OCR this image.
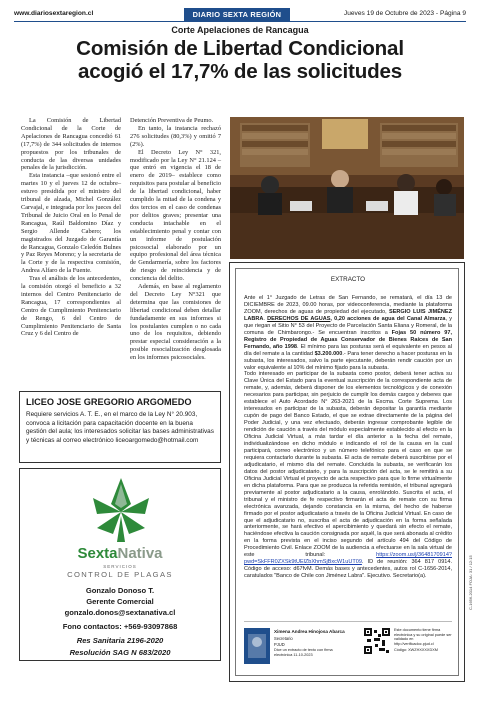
www.diariosextaregion.cl	DIARIO SEXTA REGIÓN	Jueves 19 de Octubre de 2023 - Página 9
Corte Apelaciones de Rancagua
Comisión de Libertad Condicional
acogió el 17,7% de las solicitudes

La Comisión de Libertad Condicional de la Corte de Apelaciones de Rancagua concedió 61 (17,7%) de 344 solicitudes de internos propuestos por los tribunales de conducta de las diversas unidades penales de la jurisdicción.

Esta instancia –que sesionó entre el martes 10 y el jueves 12 de octubre– estuvo presidida por el ministro del tribunal de alzada, Michel González Carvajal, e integrada por los jueces del Tribunal de Juicio Oral en lo Penal de Rancagua, Raúl Baldomino Díaz y Sergio Allende Cabero; los magistrados del Juzgado de Garantía de Rancagua, Gonzalo Celedón Bulnes y Paz Reyes Moreno; y la secretaria de la Corte y de la respectiva comisión, Andrea Alfaro de la Fuente.

Tras el análisis de los antecedentes, la comisión otorgó el beneficio a 32 internos del Centro Penitenciario de Rancagua, 17 correspondientes al Centro de Cumplimiento Penitenciario de Rengo, 6 del Centro de Cumplimiento Penitenciario de Santa Cruz y 6 del Centro de

Detención Preventiva de Peumo.

En tanto, la instancia rechazó 276 solicitudes (80,3%) y omitió 7 (2%).

El Decreto Ley N° 321, modificado por la Ley N° 21.124 –que entró en vigencia el 18 de enero de 2019– establece como requisitos para postular al beneficio de la libertad condicional, haber cumplido la mitad de la condena y dos tercios en el caso de condenas por delitos graves; presentar una conducta intachable en el establecimiento penal y contar con un informe de postulación psicosocial elaborado por un equipo profesional del área técnica de Gendarmería, sobre los factores de riesgo de reincidencia y de conciencia del delito.

Además, en base al reglamento del Decreto Ley N°321 que determina que las comisiones de libertad condicional deben detallar fundadamente en sus informes si los postulantes cumplen o no cada uno de los requisitos, debiendo prestar especial consideración a la posible resocialización desglosada en los informes psicosociales.

LICEO JOSE GREGORIO ARGOMEDO
Requiere servicios A. T. E., en el marco de la Ley N° 20.903, convoca a licitación para capacitación docente en la buena gestión del aula; los interesados solicitar las bases administrativas y técnicas al correo electrónico liceoargomedo@hotmail.com
SextaNativa
SERVICIOS
CONTROL DE PLAGAS
Gonzalo Donoso T.
Gerente Comercial
gonzalo.donos@sextanativa.cl
Fono contactos: +569-93097868
Res Sanitaria 2196-2020
Resolución SAG N 683/2020
EXTRACTO
Ante el 1° Juzgado de Letras de San Fernando, se rematará, el día 13 de DICIEMBRE de 2023, 09.00 horas, por videoconferencia, mediante la plataforma ZOOM, derechos de aguas de propiedad del ejecutado, SERGIO LUIS JIMÉNEZ LABRA. DERECHOS DE AGUAS, 0,20 acciones de agua del Canal Almarza, y que riegan el Sitio N° 53 del Proyecto de Parcelación Santa Eliana y Romeral, de la comuna de Chimbarongo.- Se encuentran inscritos a Fojas 50 número 97, Registro de Propiedad de Aguas Conservador de Bienes Raíces de San Fernando, año 1998. El mínimo para las posturas será el equivalente en pesos al día del remate a la cantidad $3.200.000.- Para tener derecho a hacer posturas en la subasta, los interesados, salvo la parte ejecutante, deberán rendir caución por un valor equivalente al 10% del mínimo fijado para la subasta.
Todo interesado en participar de la subasta como postor, deberá tener activa su Clave Única del Estado para la eventual suscripción de la correspondiente acta de remate, y, además, deberá disponer de los elementos tecnológicos y de conexión necesarios para participar, sin perjuicio de cumplir los demás cargos y deberes que establece el Auto Acordado N° 263-2021 de la Excma. Corte Suprema. Los interesados en participar de la subasta, deberán depositar la garantía mediante cupón de pago del Banco Estado, el que se extrae directamente de la página del Poder Judicial, y una vez efectuado, deberán ingresar comprobante legible de rendición de caución a través del módulo especialmente establecido al efecto en la Oficina Judicial Virtual, a más tardar el día anterior a la fecha del remate, individualizándose en dicho módulo e indicando el rol de la causa en la cual participará, correo electrónico y un número telefónico para el caso en que se requiera contactarlo durante la subasta. El acta de remate deberá suscribirse por el adjudicatario, el mismo día del remate. Concluida la subasta, se verificarán los datos del postor adjudicatario, y para la suscripción del acta, se le remitirá a su Oficina Judicial Virtual el proyecto de acta respectivo para que lo firme virtualmente en dicha plataforma. Para que se produzca la referida remisión, el tribunal agregará previamente al postor adjudicatario a la causa, enrolándolo. Suscrita el acta, el tribunal y el ministro de fe respectivo firmarán el acta de remate con su firma electrónica avanzada, dejando constancia en la misma, del hecho de haberse firmado por el postor adjudicatario a través de la Oficina Judicial Virtual. En caso de que el adjudicatario no, suscriba el acta de adjudicación en la forma señalada anteriormente, se hará efectivo el apercibimiento y quedará sin efecto el remate, haciéndose efectiva la caución consignada por aquél, la que será abonada al crédito en la forma prevista en el inciso segundo del artículo 494 del Código de Procedimiento Civil. Enlace ZOOM de la audiencia a efectuarse en la sala virtual de este tribunal:	https://zoom.us/j/3648170914?pwd=SkFFR0ZXSk9tUElZbXhmSjBxcW1uUT09. ID de reunión: 364 817 0914. Código de acceso: d67fvM. Demás bases y antecedentes, autos rol C-1656-2014, caratulados "Banco de Chile con Jiménez Labra". Ejecutivo. Secretario(a).
Ximena Andrea Hinojosa Abarca
Secretario
PJUD
Dice un extracto de texto con firma electrónica 11-10-2023
Este documento tiene firma electrónica y su original puede ser validado en http://verificadoc.pjud.cl
Código: XWZHXXXXDXM
C-1656-2014 FOJA: 31 / 12:15
